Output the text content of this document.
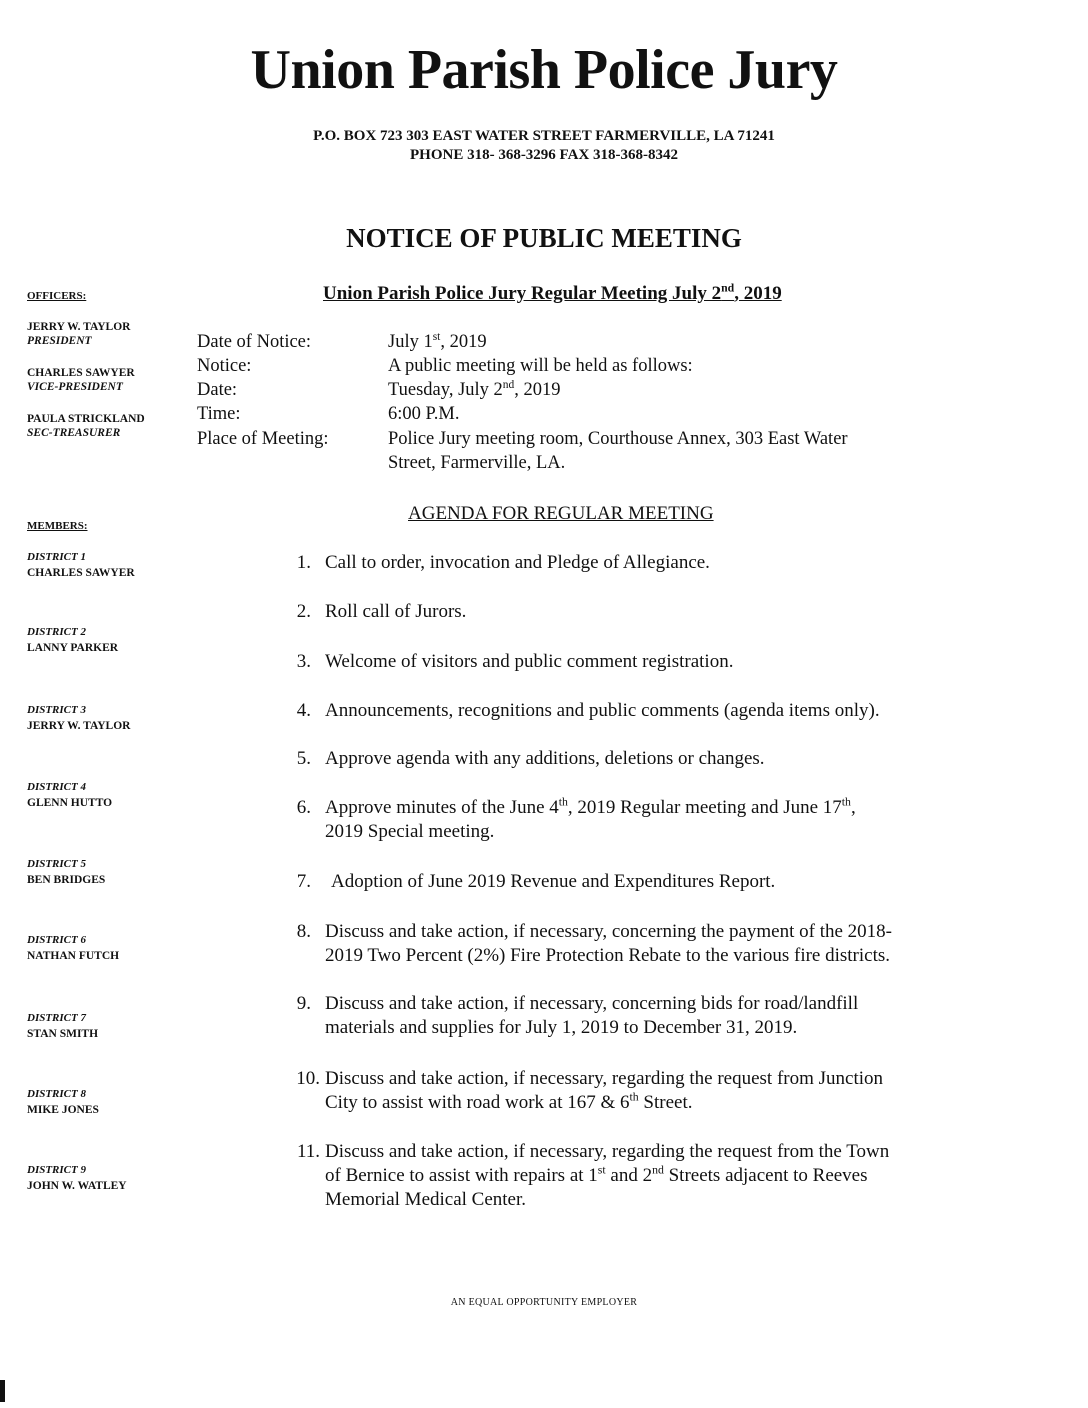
Union Parish Police Jury
P.O. BOX 723 303 EAST WATER STREET FARMERVILLE, LA 71241
PHONE 318- 368-3296 FAX 318-368-8342
NOTICE OF PUBLIC MEETING
Union Parish Police Jury Regular Meeting July 2nd, 2019
OFFICERS:
JERRY W. TAYLOR
PRESIDENT
CHARLES SAWYER
VICE-PRESIDENT
PAULA STRICKLAND
SEC-TREASURER
MEMBERS:
DISTRICT 1
CHARLES SAWYER
DISTRICT 2
LANNY PARKER
DISTRICT 3
JERRY W. TAYLOR
DISTRICT 4
GLENN HUTTO
DISTRICT 5
BEN BRIDGES
DISTRICT 6
NATHAN FUTCH
DISTRICT 7
STAN SMITH
DISTRICT 8
MIKE JONES
DISTRICT 9
JOHN W. WATLEY
Date of Notice:	July 1st, 2019
Notice:	A public meeting will be held as follows:
Date:	Tuesday, July 2nd, 2019
Time:	6:00 P.M.
Place of Meeting:	Police Jury meeting room, Courthouse Annex, 303 East Water
Street, Farmerville, LA.
AGENDA FOR REGULAR MEETING
1. Call to order, invocation and Pledge of Allegiance.
2. Roll call of Jurors.
3. Welcome of visitors and public comment registration.
4. Announcements, recognitions and public comments (agenda items only).
5. Approve agenda with any additions, deletions or changes.
6. Approve minutes of the June 4th, 2019 Regular meeting and June 17th,
2019 Special meeting.
7. Adoption of June 2019 Revenue and Expenditures Report.
8. Discuss and take action, if necessary, concerning the payment of the 2018-
2019 Two Percent (2%) Fire Protection Rebate to the various fire districts.
9. Discuss and take action, if necessary, concerning bids for road/landfill
materials and supplies for July 1, 2019 to December 31, 2019.
10. Discuss and take action, if necessary, regarding the request from Junction
City to assist with road work at 167 & 6th Street.
11. Discuss and take action, if necessary, regarding the request from the Town
of Bernice to assist with repairs at 1st and 2nd Streets adjacent to Reeves
Memorial Medical Center.
AN EQUAL OPPORTUNITY EMPLOYER
